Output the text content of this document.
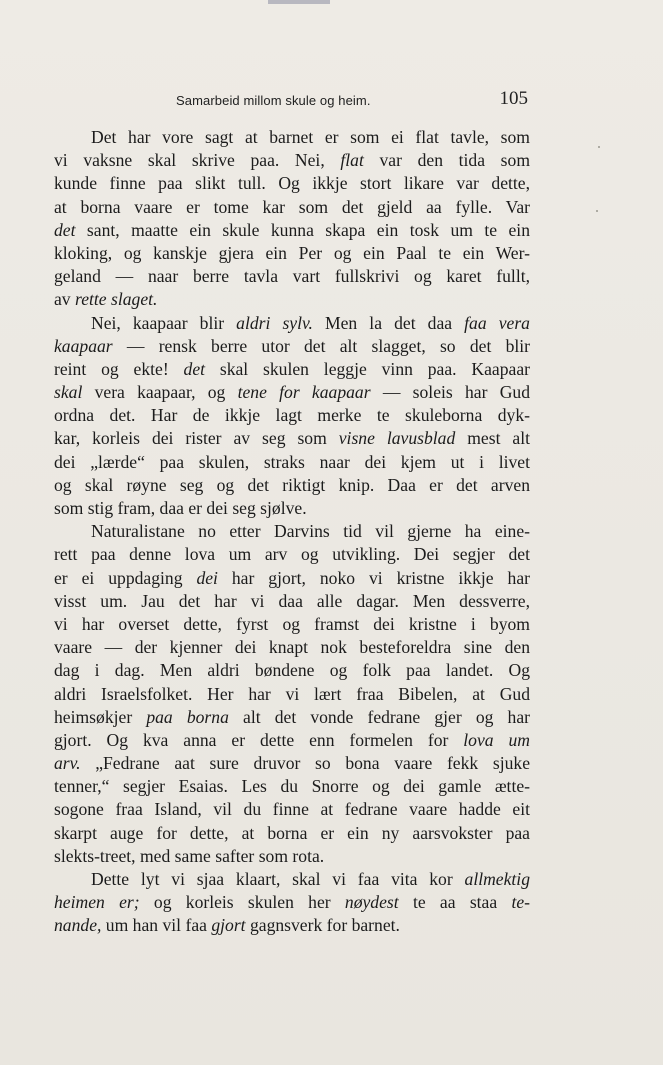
Samarbeid millom skule og heim.	105
Det har vore sagt at barnet er som ei flat tavle, som
vi vaksne skal skrive paa. Nei, flat var den tida som
kunde finne paa slikt tull. Og ikkje stort likare var dette,
at borna vaare er tome kar som det gjeld aa fylle. Var
det sant, maatte ein skule kunna skapa ein tosk um te ein
kloking, og kanskje gjera ein Per og ein Paal te ein Wer-
geland — naar berre tavla vart fullskrivi og karet fullt,
av rette slaget.
Nei, kaapaar blir aldri sylv. Men la det daa faa vera
kaapaar — rensk berre utor det alt slagget, so det blir
reint og ekte! det skal skulen leggje vinn paa. Kaapaar
skal vera kaapaar, og tene for kaapaar — soleis har Gud
ordna det. Har de ikkje lagt merke te skuleborna dyk-
kar, korleis dei rister av seg som visne lavusblad mest alt
dei „lærde“ paa skulen, straks naar dei kjem ut i livet
og skal røyne seg og det riktigt knip. Daa er det arven
som stig fram, daa er dei seg sjølve.
Naturalistane no etter Darvins tid vil gjerne ha eine-
rett paa denne lova um arv og utvikling. Dei segjer det
er ei uppdaging dei har gjort, noko vi kristne ikkje har
visst um. Jau det har vi daa alle dagar. Men dessverre,
vi har overset dette, fyrst og framst dei kristne i byom
vaare — der kjenner dei knapt nok besteforeldra sine den
dag i dag. Men aldri bøndene og folk paa landet. Og
aldri Israelsfolket. Her har vi lært fraa Bibelen, at Gud
heimsøkjer paa borna alt det vonde fedrane gjer og har
gjort. Og kva anna er dette enn formelen for lova um
arv. „Fedrane aat sure druvor so bona vaare fekk sjuke
tenner,“ segjer Esaias. Les du Snorre og dei gamle ætte-
sogone fraa Island, vil du finne at fedrane vaare hadde eit
skarpt auge for dette, at borna er ein ny aarsvokster paa
slekts-treet, med same safter som rota.
Dette lyt vi sjaa klaart, skal vi faa vita kor allmektig
heimen er; og korleis skulen her nøydest te aa staa te-
nande, um han vil faa gjort gagnsverk for barnet.
